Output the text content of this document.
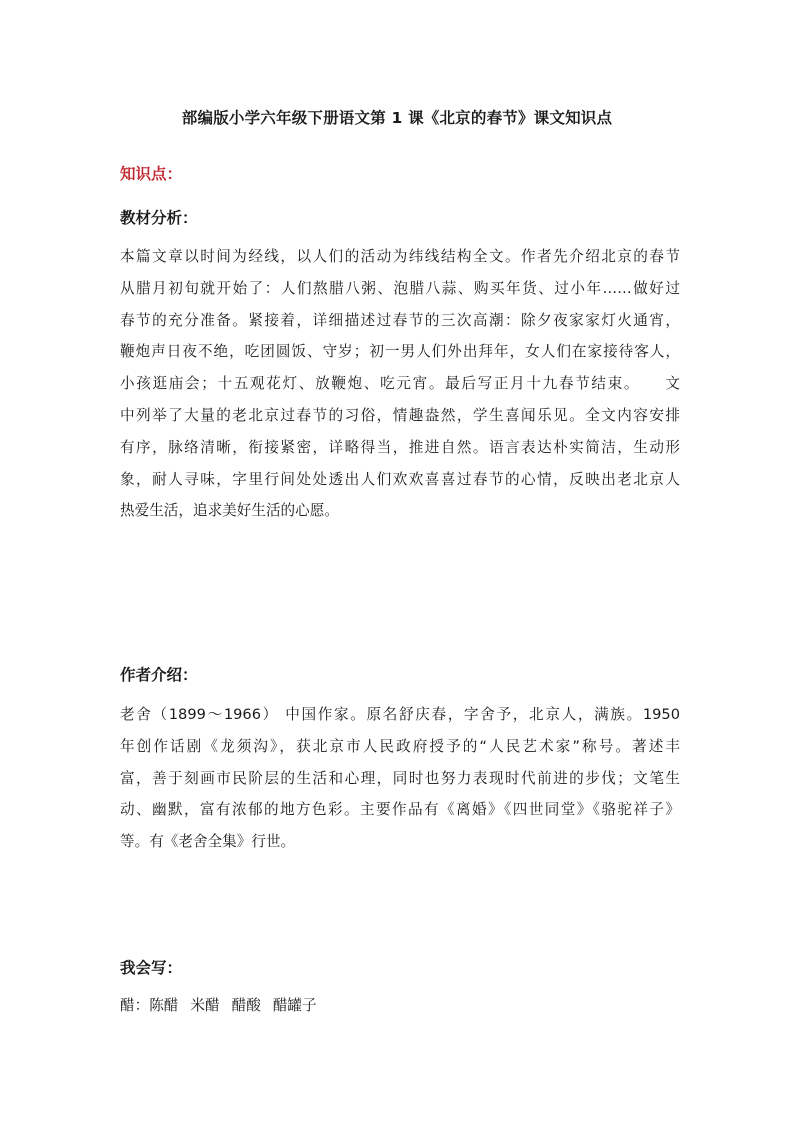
部编版小学六年级下册语文第 1 课《北京的春节》课文知识点
知识点：
教材分析：
本篇文章以时间为经线，以人们的活动为纬线结构全文。作者先介绍北京的春节
从腊月初旬就开始了：人们熬腊八粥、泡腊八蒜、购买年货、过小年……做好过
春节的充分准备。紧接着，详细描述过春节的三次高潮：除夕夜家家灯火通宵，
鞭炮声日夜不绝，吃团圆饭、守岁；初一男人们外出拜年，女人们在家接待客人，
小孩逛庙会；十五观花灯、放鞭炮、吃元宵。最后写正月十九春节结束。　　文
中列举了大量的老北京过春节的习俗，情趣盎然，学生喜闻乐见。全文内容安排
有序，脉络清晰，衔接紧密，详略得当，推进自然。语言表达朴实简洁，生动形
象，耐人寻味，字里行间处处透出人们欢欢喜喜过春节的心情，反映出老北京人
热爱生活，追求美好生活的心愿。
作者介绍：
老舍（1899～1966） 中国作家。原名舒庆春，字舍予，北京人，满族。1950
年创作话剧《龙须沟》，获北京市人民政府授予的“人民艺术家”称号。著述丰
富，善于刻画市民阶层的生活和心理，同时也努力表现时代前进的步伐；文笔生
动、幽默，富有浓郁的地方色彩。主要作品有《离婚》《四世同堂》《骆驼祥子》
等。有《老舍全集》行世。
我会写：
醋：陈醋 米醋 醋酸 醋罐子
